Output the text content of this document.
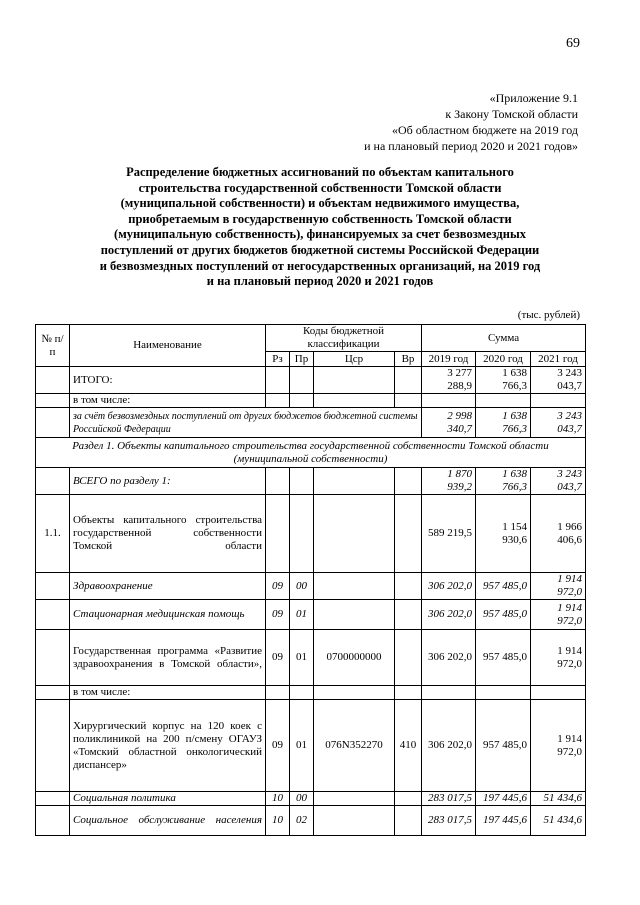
69
«Приложение 9.1
к Закону Томской области
«Об областном бюджете на 2019 год
и на плановый период 2020 и 2021 годов»
Распределение бюджетных ассигнований по объектам капитального
строительства государственной собственности Томской области
(муниципальной собственности) и объектам недвижимого имущества,
приобретаемым в государственную собственность Томской области
(муниципальную собственность), финансируемых за счет безвозмездных
поступлений от других бюджетов бюджетной системы Российской Федерации
и безвозмездных поступлений от негосударственных организаций, на 2019 год
и на плановый период 2020 и 2021 годов
(тыс. рублей)
№ п/п	Наименование	Коды бюджетной классификации				Сумма		
		Рз	Пр	Цср	Вр	2019 год	2020 год	2021 год
	ИТОГО:					3 277 288,9	1 638 766,3	3 243 043,7
	в том числе:							
	за счёт безвозмездных поступлений от других бюджетов бюджетной системы Российской Федерации					2 998 340,7	1 638 766,3	3 243 043,7
Раздел 1. Объекты капитального строительства государственной собственности Томской области (муниципальной собственности)								
	ВСЕГО по разделу 1:					1 870 939,2	1 638 766,3	3 243 043,7
1.1.	Объекты капитального строительства государственной собственности Томской области					589 219,5	1 154 930,6	1 966 406,6
	Здравоохранение	09	00			306 202,0	957 485,0	1 914 972,0
	Стационарная медицинская помощь	09	01			306 202,0	957 485,0	1 914 972,0
	Государственная программа «Развитие здравоохранения в Томской области»,	09	01	0700000000		306 202,0	957 485,0	1 914 972,0
	в том числе:							
	Хирургический корпус на 120 коек с поликлиникой на 200 п/смену ОГАУЗ «Томский областной онкологический диспансер»	09	01	076N352270	410	306 202,0	957 485,0	1 914 972,0
	Социальная политика	10	00			283 017,5	197 445,6	51 434,6
	Социальное обслуживание населения	10	02			283 017,5	197 445,6	51 434,6
